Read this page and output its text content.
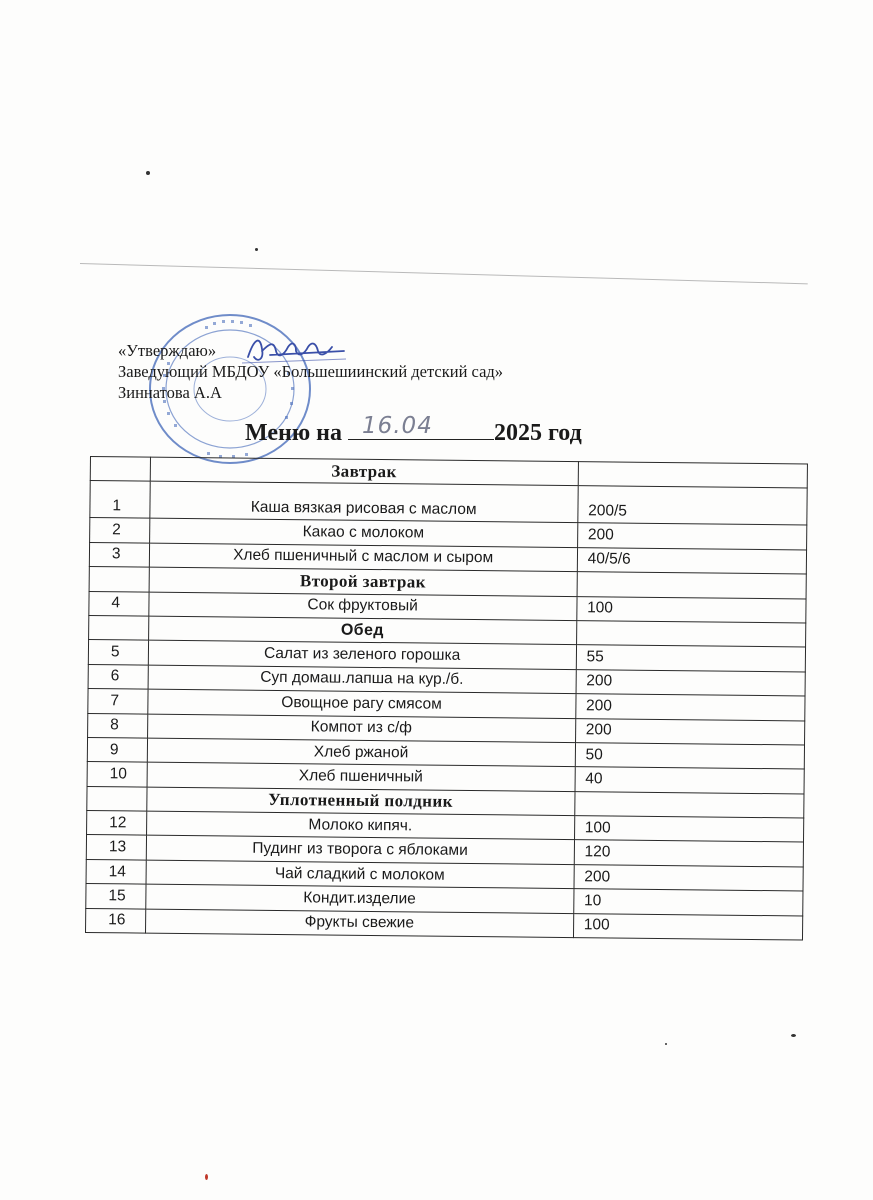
«Утверждаю»
Заведующий МБДОУ «Большешиинский детский сад»
Зиннатова А.А
Меню на 16.04	2025 год
	Завтрак	
1	Каша вязкая рисовая с маслом	200/5
2	Какао с молоком	200
3	Хлеб пшеничный с маслом и сыром	40/5/6
	Второй завтрак	
4	Сок фруктовый	100
	Обед	
5	Салат из зеленого горошка	55
6	Суп домаш.лапша на кур./б.	200
7	Овощное рагу смясом	200
8	Компот из с/ф	200
9	Хлеб ржаной	50
10	Хлеб пшеничный	40
	Уплотненный полдник	
12	Молоко кипяч.	100
13	Пудинг из творога с яблоками	120
14	Чай сладкий с молоком	200
15	Кондит.изделие	10
16	Фрукты свежие	100
